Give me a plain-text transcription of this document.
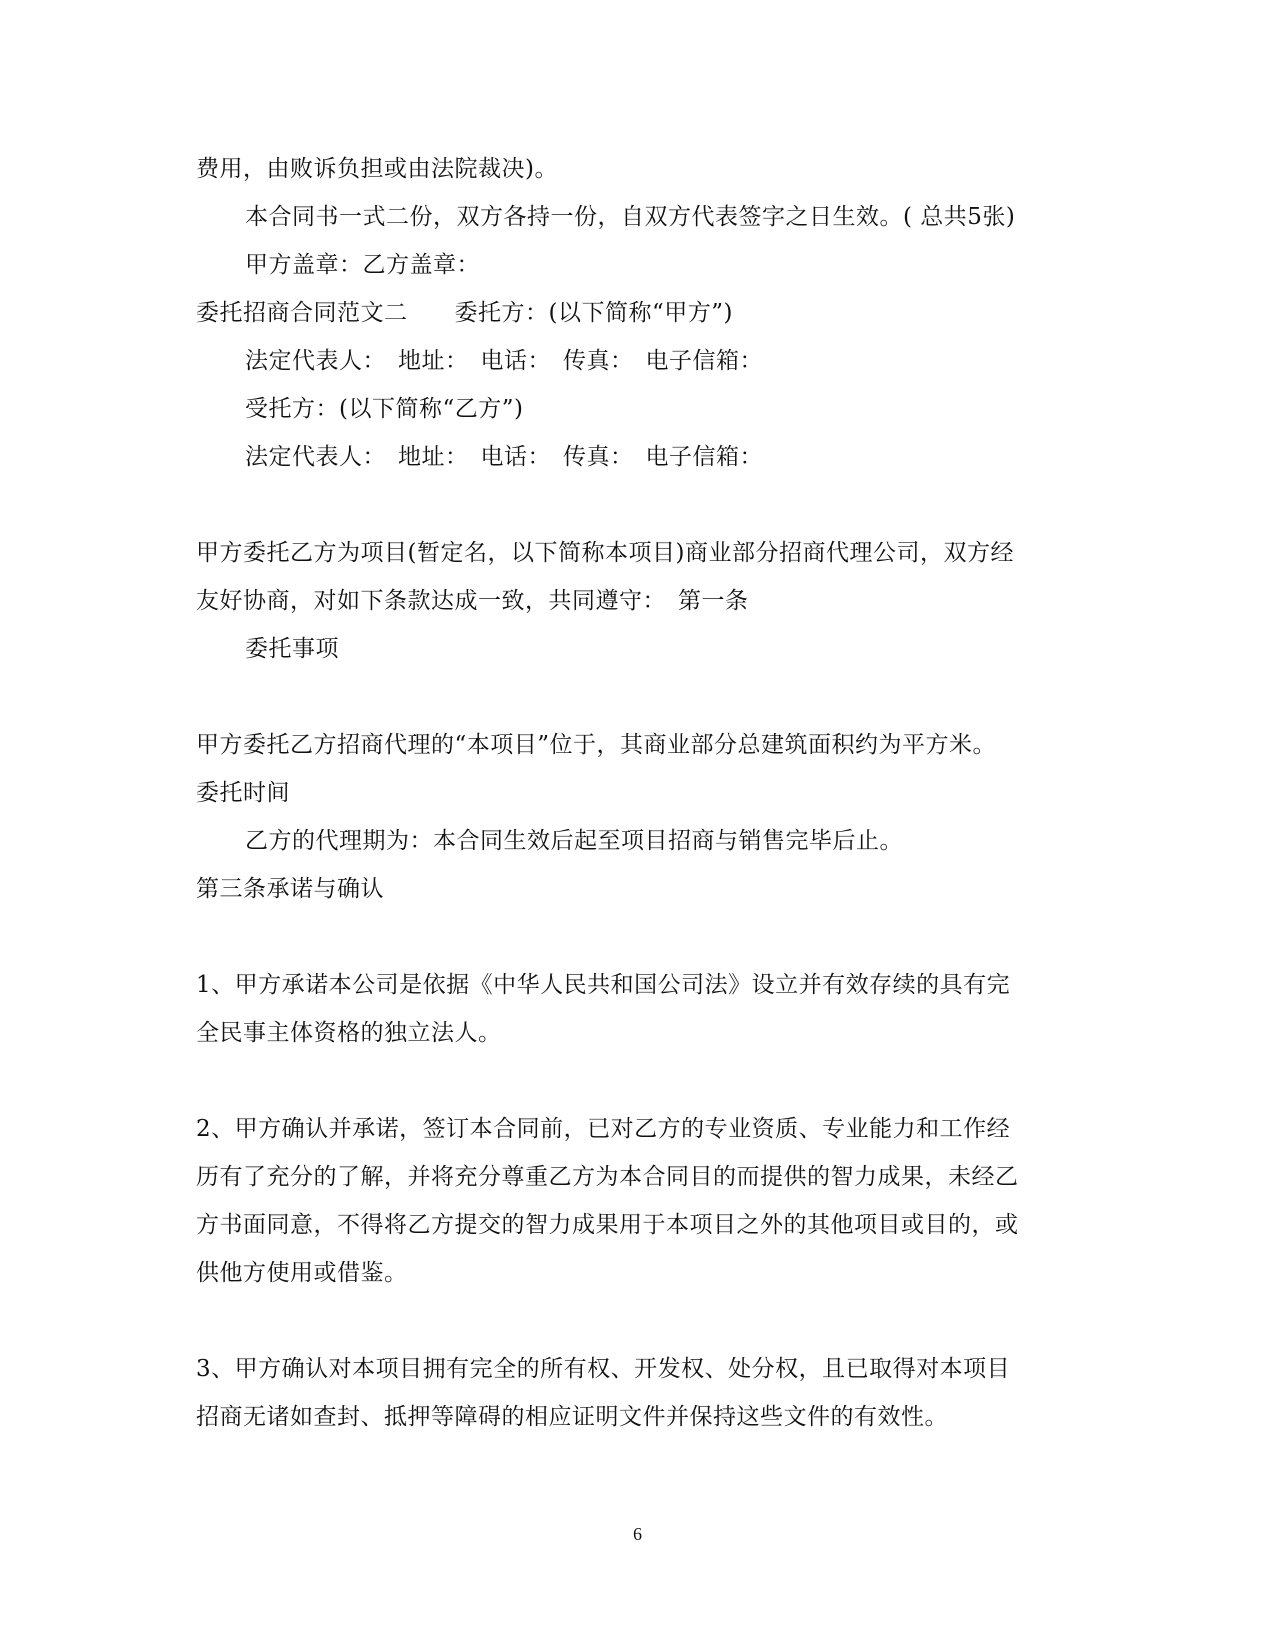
费用，由败诉负担或由法院裁决)。
本合同书一式二份，双方各持一份，自双方代表签字之日生效。( 总共5张)
甲方盖章：乙方盖章：
委托招商合同范文二　　委托方：(以下简称“甲方”)
法定代表人：　地址：　电话：　传真：　电子信箱：
受托方：(以下简称“乙方”)
法定代表人：　地址：　电话：　传真：　电子信箱：
甲方委托乙方为项目(暂定名，以下简称本项目)商业部分招商代理公司，双方经
友好协商，对如下条款达成一致，共同遵守：　第一条
委托事项
甲方委托乙方招商代理的“本项目”位于，其商业部分总建筑面积约为平方米。
委托时间
乙方的代理期为：本合同生效后起至项目招商与销售完毕后止。
第三条承诺与确认
1、甲方承诺本公司是依据《中华人民共和国公司法》设立并有效存续的具有完
全民事主体资格的独立法人。
2、甲方确认并承诺，签订本合同前，已对乙方的专业资质、专业能力和工作经
历有了充分的了解，并将充分尊重乙方为本合同目的而提供的智力成果，未经乙
方书面同意，不得将乙方提交的智力成果用于本项目之外的其他项目或目的，或
供他方使用或借鉴。
3、甲方确认对本项目拥有完全的所有权、开发权、处分权，且已取得对本项目
招商无诸如查封、抵押等障碍的相应证明文件并保持这些文件的有效性。
6
